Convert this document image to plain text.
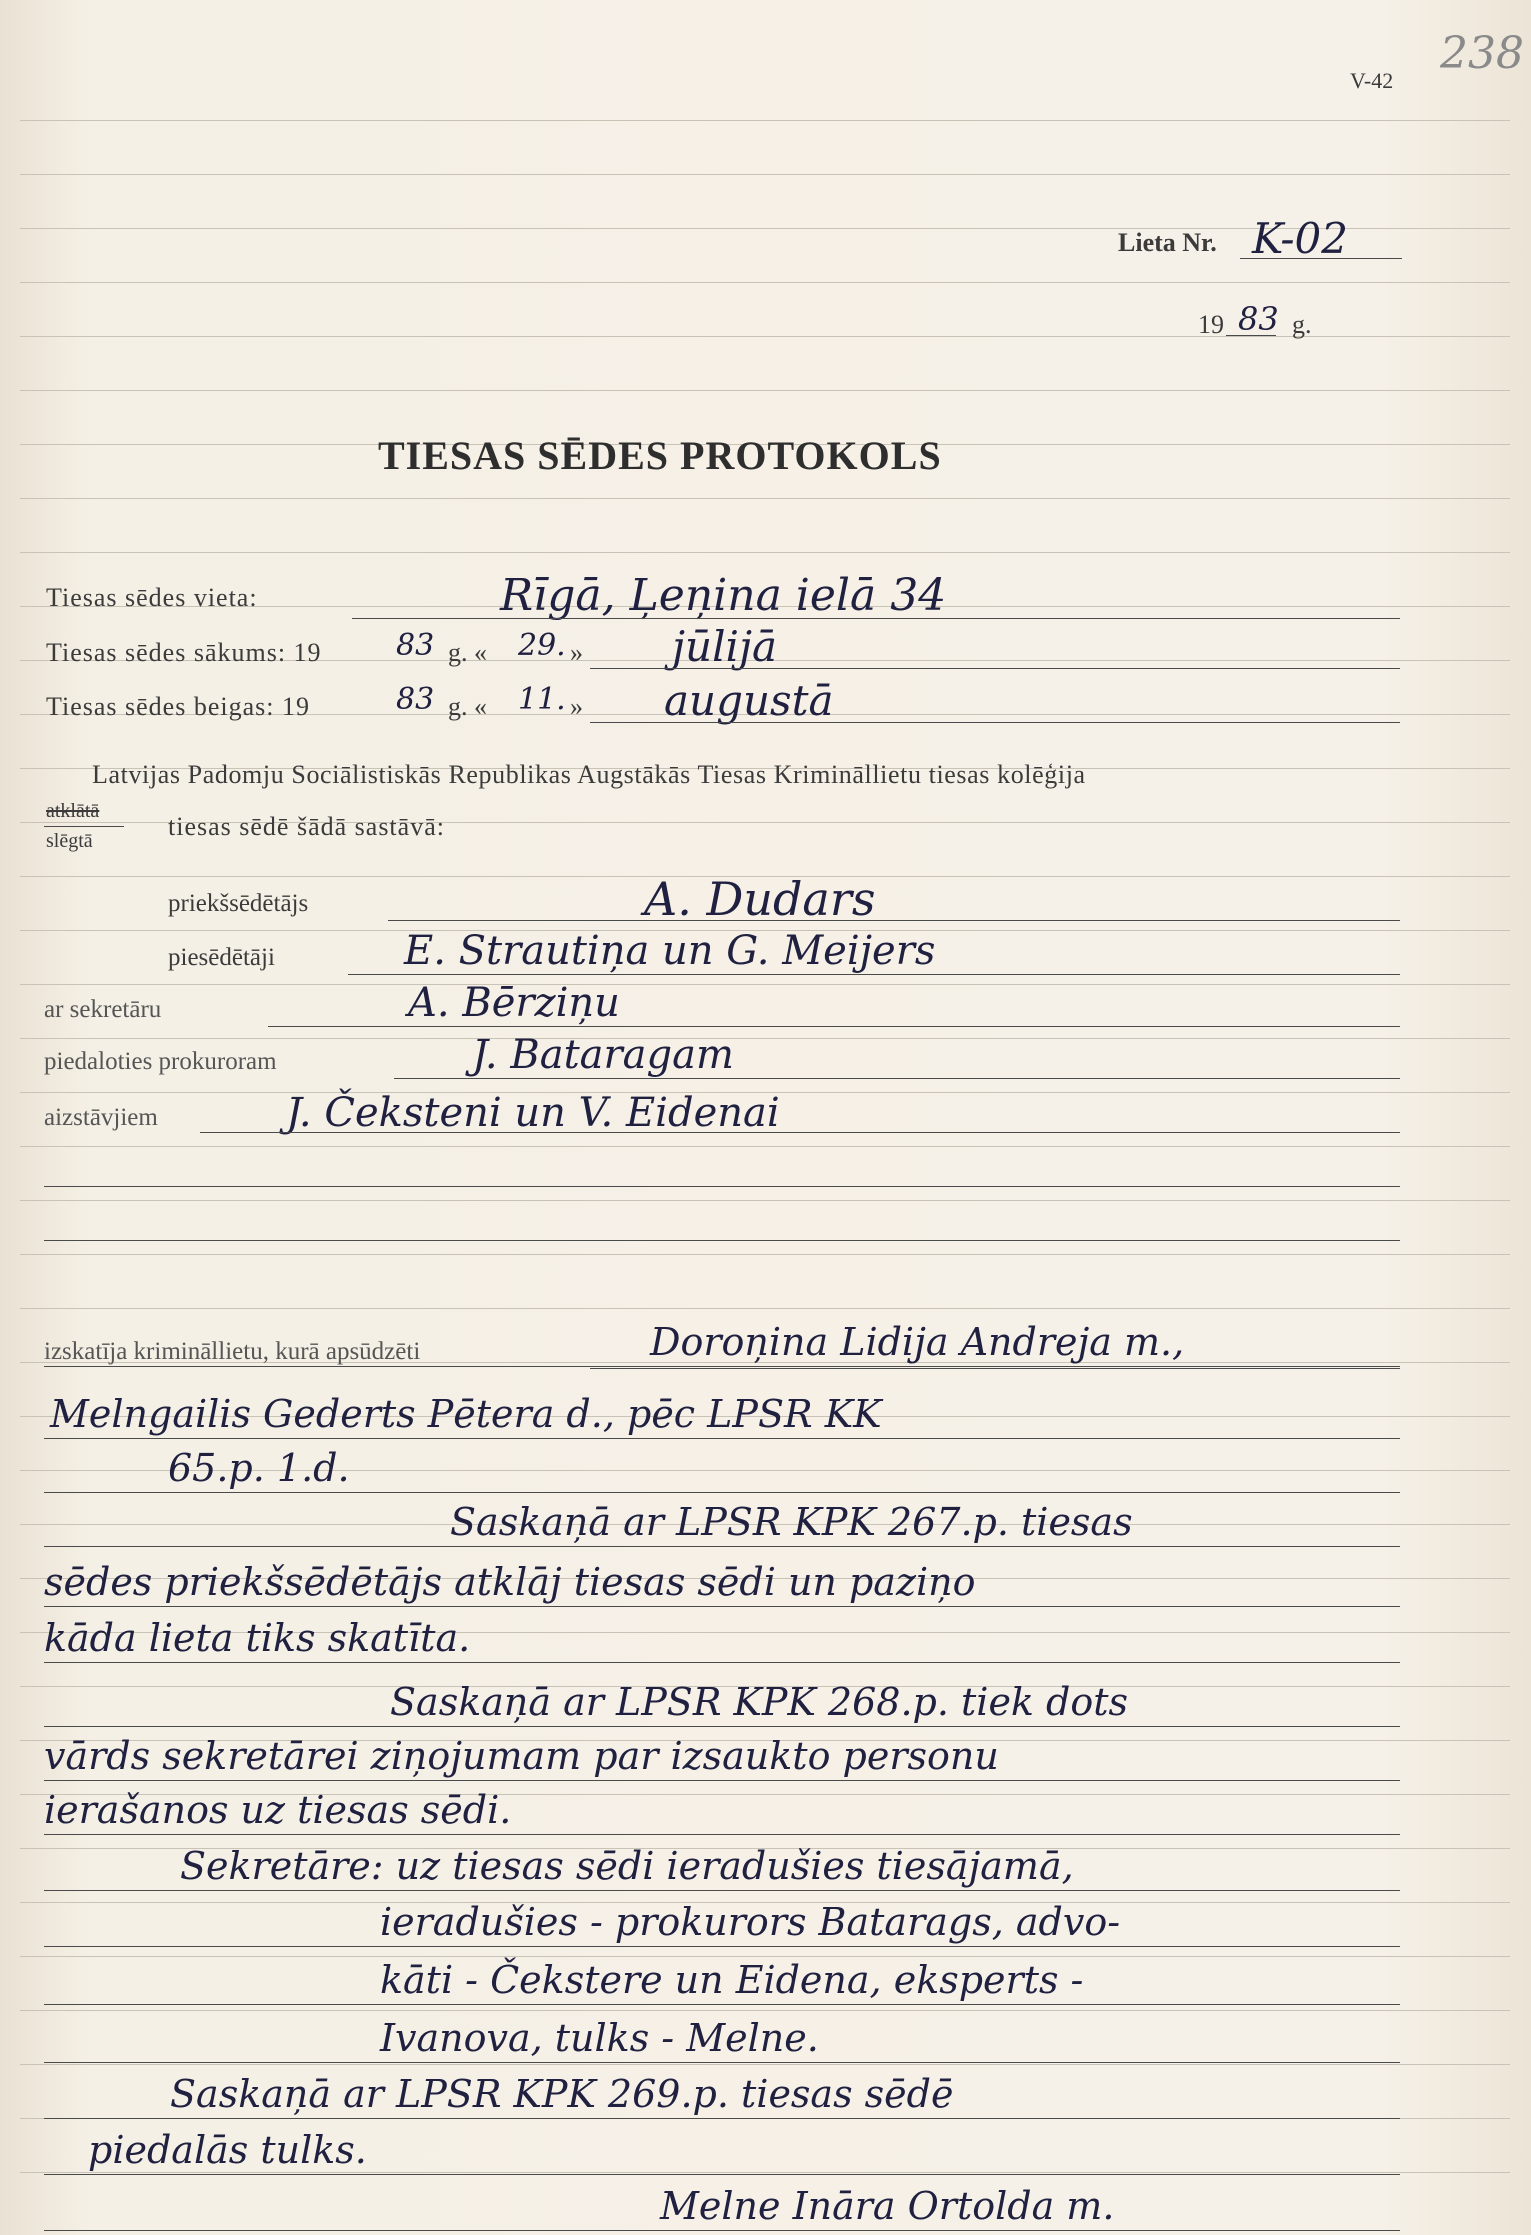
V-42
238
Lieta Nr. K-02
19 83 g.
TIESAS SĒDES PROTOKOLS
Tiesas sēdes vieta:	Rīgā, Ļeņina ielā 34
Tiesas sēdes sākums: 19 83 g. « 29. » jūlijā
Tiesas sēdes beigas: 19	83 g. « 11. » augustā
Latvijas Padomju Sociālistiskās Republikas Augstākās Tiesas Krimināllietu tiesas kolēģija
atklātā
slēgtā	tiesas sēdē šādā sastāvā:
priekšsēdētājs	A. Dudars
piesēdētāji	E. Strautiņa un G. Meijers
ar sekretāru	A. Bērziņu
piedaloties prokuroram	J. Bataragam
aizstāvjiem	J. Čeksteni un V. Eidenai
izskatīja krimināllietu, kurā apsūdzēti	Doroņina Lidija Andreja m.,
Melngailis Gederts Pētera d., pēc LPSR KK
65.p. 1.d.
Saskaņā ar LPSR KPK 267.p. tiesas
sēdes priekšsēdētājs atklāj tiesas sēdi un paziņo
kāda lieta tiks skatīta.
Saskaņā ar LPSR KPK 268.p. tiek dots
vārds sekretārei ziņojumam par izsaukto personu
ierašanos uz tiesas sēdi.
Sekretāre: uz tiesas sēdi ieradušies tiesājamā,
ieradušies - prokurors Batarags, advo-
kāti - Čekstere un Eidena, eksperts -
Ivanova, tulks - Melne.
Saskaņā ar LPSR KPK 269.p. tiesas sēdē
piedalās tulks.
Melne Ināra Ortolda m.
